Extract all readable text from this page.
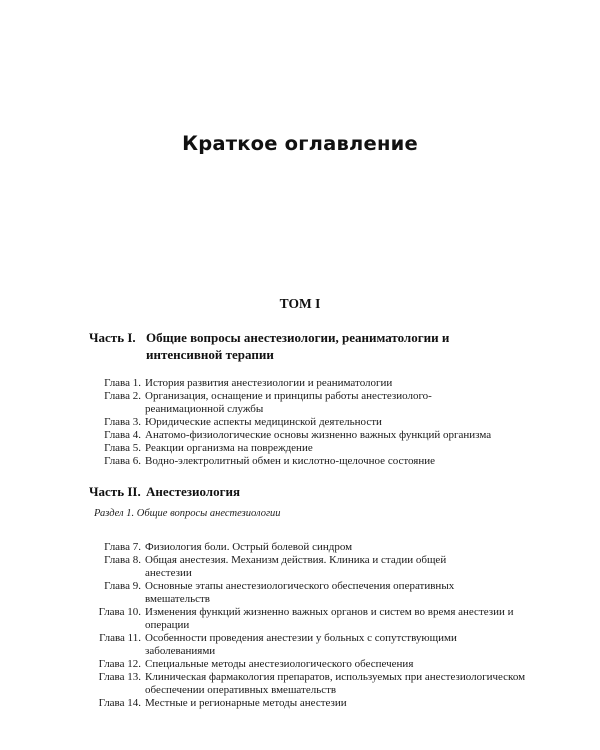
Краткое оглавление
ТОМ I
Часть I. Общие вопросы анестезиологии, реаниматологии и интенсивной терапии
Глава 1. История развития анестезиологии и реаниматологии
Глава 2. Организация, оснащение и принципы работы анестезиолого-реанимационной службы
Глава 3. Юридические аспекты медицинской деятельности
Глава 4. Анатомо-физиологические основы жизненно важных функций организма
Глава 5. Реакции организма на повреждение
Глава 6. Водно-электролитный обмен и кислотно-щелочное состояние
Часть II. Анестезиология
Раздел 1. Общие вопросы анестезиологии
Глава 7. Физиология боли. Острый болевой синдром
Глава 8. Общая анестезия. Механизм действия. Клиника и стадии общей анестезии
Глава 9. Основные этапы анестезиологического обеспечения оперативных вмешательств
Глава 10. Изменения функций жизненно важных органов и систем во время анестезии и операции
Глава 11. Особенности проведения анестезии у больных с сопутствующими заболеваниями
Глава 12. Специальные методы анестезиологического обеспечения
Глава 13. Клиническая фармакология препаратов, используемых при анестезиологическом обеспечении оперативных вмешательств
Глава 14. Местные и регионарные методы анестезии
